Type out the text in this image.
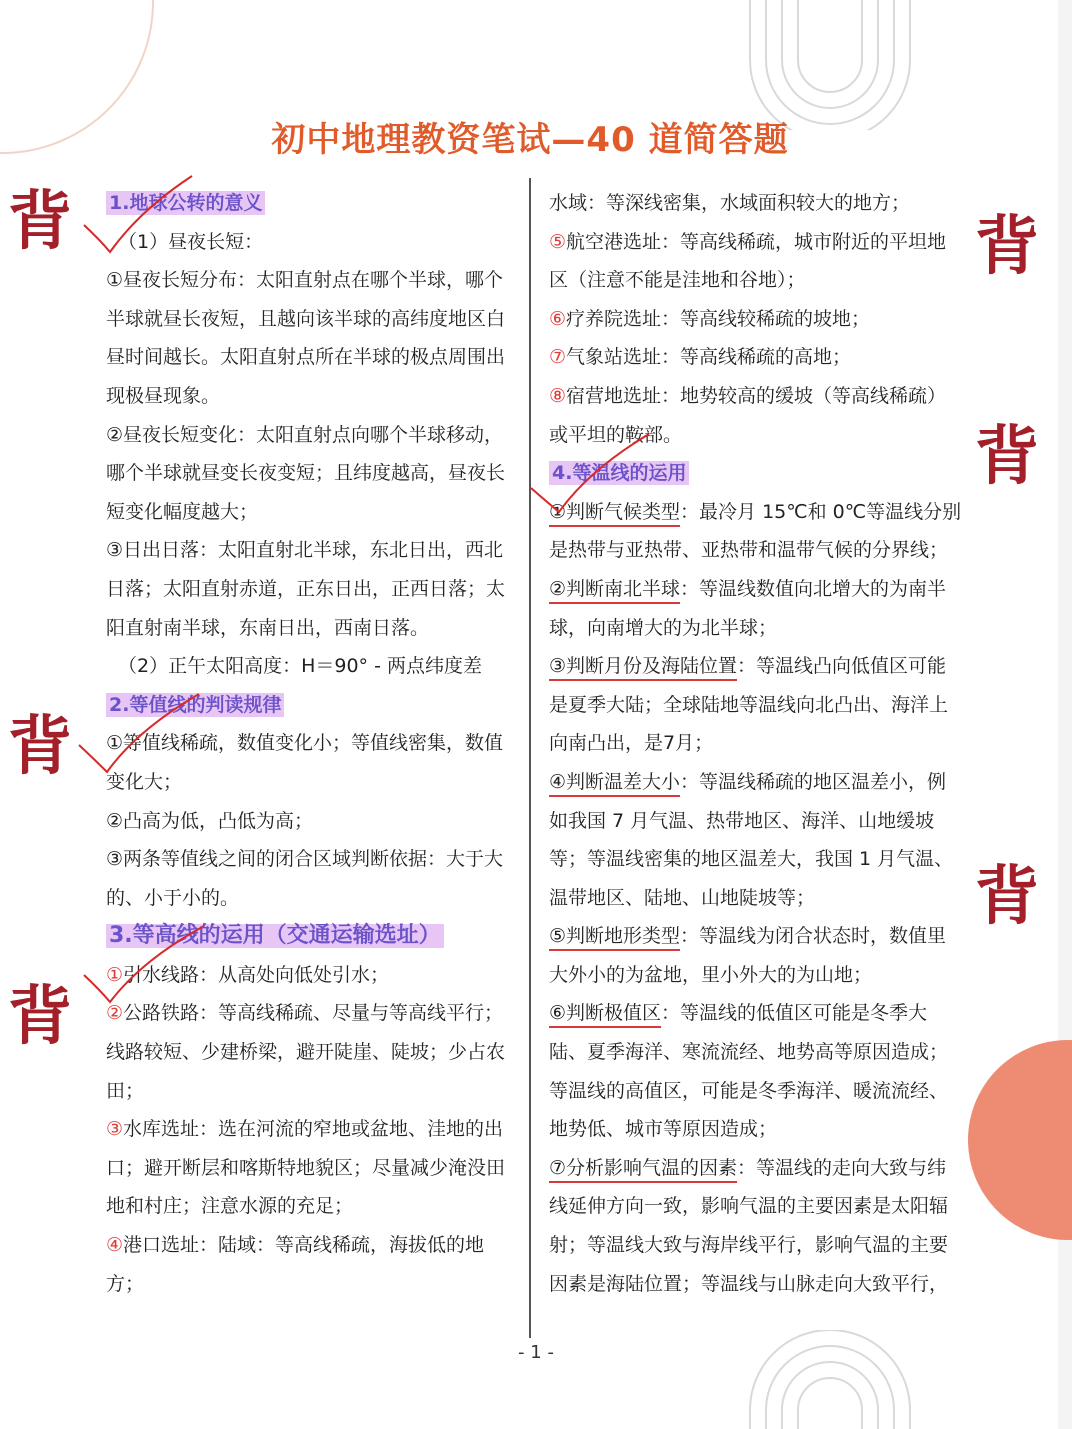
初中地理教资笔试—40 道简答题

1.地球公转的意义

（1）昼夜长短：

①昼夜长短分布：太阳直射点在哪个半球，哪个半球就昼长夜短，且越向该半球的高纬度地区白昼时间越长。太阳直射点所在半球的极点周围出现极昼现象。

②昼夜长短变化：太阳直射点向哪个半球移动，哪个半球就昼变长夜变短；且纬度越高，昼夜长短变化幅度越大；

③日出日落：太阳直射北半球，东北日出，西北日落；太阳直射赤道，正东日出，正西日落；太阳直射南半球，东南日出，西南日落。

（2）正午太阳高度：H＝90° - 两点纬度差

2.等值线的判读规律

①等值线稀疏，数值变化小；等值线密集，数值变化大；

②凸高为低，凸低为高；

③两条等值线之间的闭合区域判断依据：大于大的、小于小的。

3.等高线的运用（交通运输选址）

①引水线路：从高处向低处引水；

②公路铁路：等高线稀疏、尽量与等高线平行；线路较短、少建桥梁，避开陡崖、陡坡；少占农田；

③水库选址：选在河流的窄地或盆地、洼地的出口；避开断层和喀斯特地貌区；尽量减少淹没田地和村庄；注意水源的充足；

④港口选址：陆域：等高线稀疏，海拔低的地方；

水域：等深线密集，水域面积较大的地方；

⑤航空港选址：等高线稀疏，城市附近的平坦地区（注意不能是洼地和谷地）；

⑥疗养院选址：等高线较稀疏的坡地；

⑦气象站选址：等高线稀疏的高地；

⑧宿营地选址：地势较高的缓坡（等高线稀疏）或平坦的鞍部。

4.等温线的运用

①判断气候类型：最冷月 15℃和 0℃等温线分别是热带与亚热带、亚热带和温带气候的分界线；

②判断南北半球：等温线数值向北增大的为南半球，向南增大的为北半球；

③判断月份及海陆位置：等温线凸向低值区可能是夏季大陆；全球陆地等温线向北凸出、海洋上向南凸出，是7月；

④判断温差大小：等温线稀疏的地区温差小，例如我国 7 月气温、热带地区、海洋、山地缓坡等；等温线密集的地区温差大，我国 1 月气温、温带地区、陆地、山地陡坡等；

⑤判断地形类型：等温线为闭合状态时，数值里大外小的为盆地，里小外大的为山地；

⑥判断极值区：等温线的低值区可能是冬季大陆、夏季海洋、寒流流经、地势高等原因造成；等温线的高值区，可能是冬季海洋、暖流流经、地势低、城市等原因造成；

⑦分析影响气温的因素：等温线的走向大致与纬线延伸方向一致，影响气温的主要因素是太阳辐射；等温线大致与海岸线平行，影响气温的主要因素是海陆位置；等温线与山脉走向大致平行，

背
背
背
背
背
背
- 1 -
